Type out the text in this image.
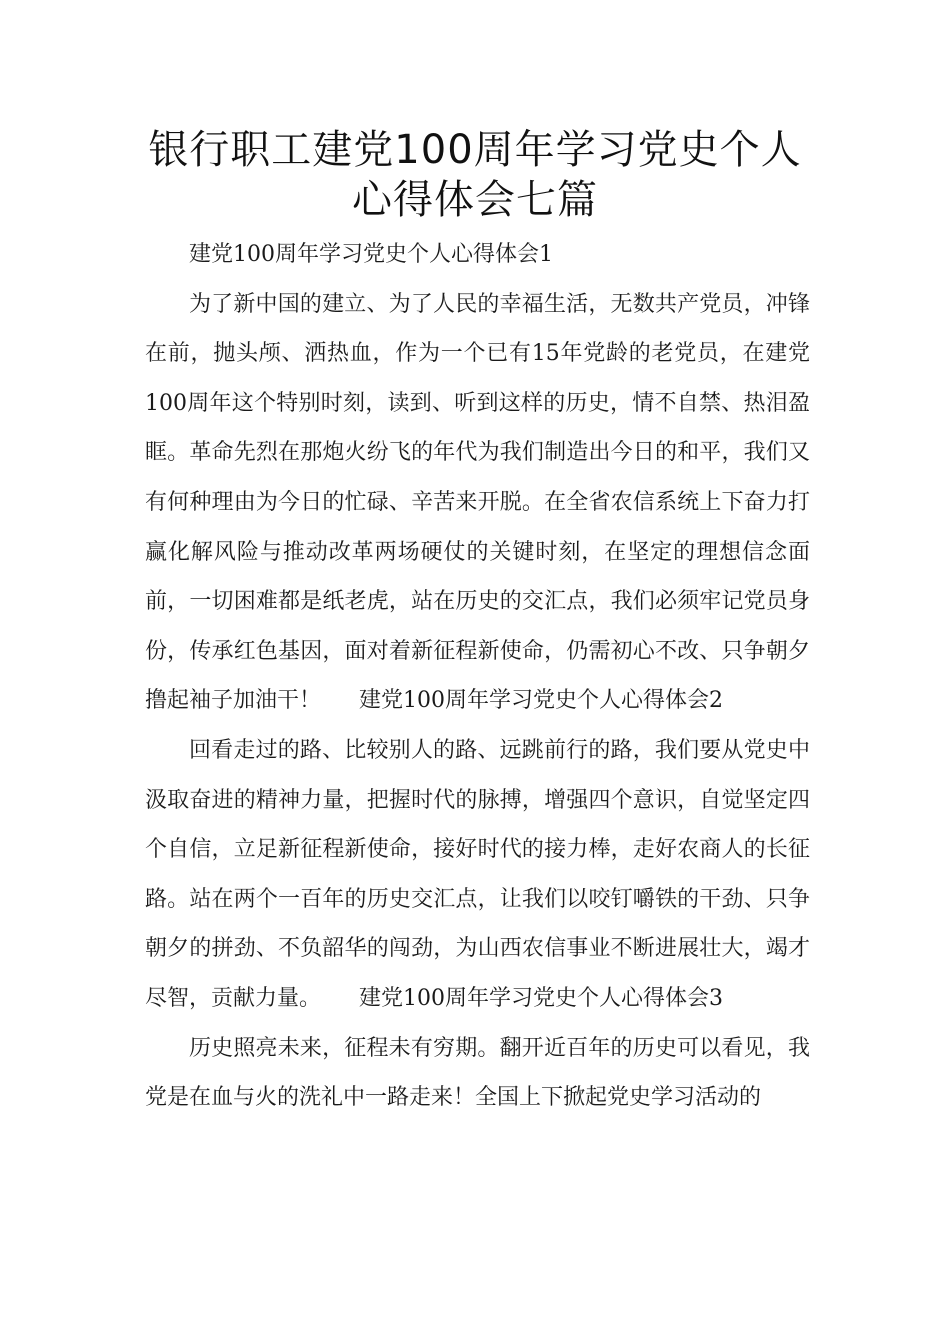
银行职工建党100周年学习党史个人心得体会七篇

建党100周年学习党史个人心得体会1

为了新中国的建立、为了人民的幸福生活，无数共产党员，冲锋在前，抛头颅、洒热血，作为一个已有15年党龄的老党员，在建党100周年这个特别时刻，读到、听到这样的历史，情不自禁、热泪盈眶。革命先烈在那炮火纷飞的年代为我们制造出今日的和平，我们又有何种理由为今日的忙碌、辛苦来开脱。在全省农信系统上下奋力打赢化解风险与推动改革两场硬仗的关键时刻，在坚定的理想信念面前，一切困难都是纸老虎，站在历史的交汇点，我们必须牢记党员身份，传承红色基因，面对着新征程新使命，仍需初心不改、只争朝夕撸起袖子加油干！ 建党100周年学习党史个人心得体会2

回看走过的路、比较别人的路、远跳前行的路，我们要从党史中汲取奋进的精神力量，把握时代的脉搏，增强四个意识，自觉坚定四个自信，立足新征程新使命，接好时代的接力棒，走好农商人的长征路。站在两个一百年的历史交汇点，让我们以咬钉嚼铁的干劲、只争朝夕的拼劲、不负韶华的闯劲，为山西农信事业不断进展壮大，竭才尽智，贡献力量。 建党100周年学习党史个人心得体会3

历史照亮未来，征程未有穷期。翻开近百年的历史可以看见，我党是在血与火的洗礼中一路走来！全国上下掀起党史学习活动的
